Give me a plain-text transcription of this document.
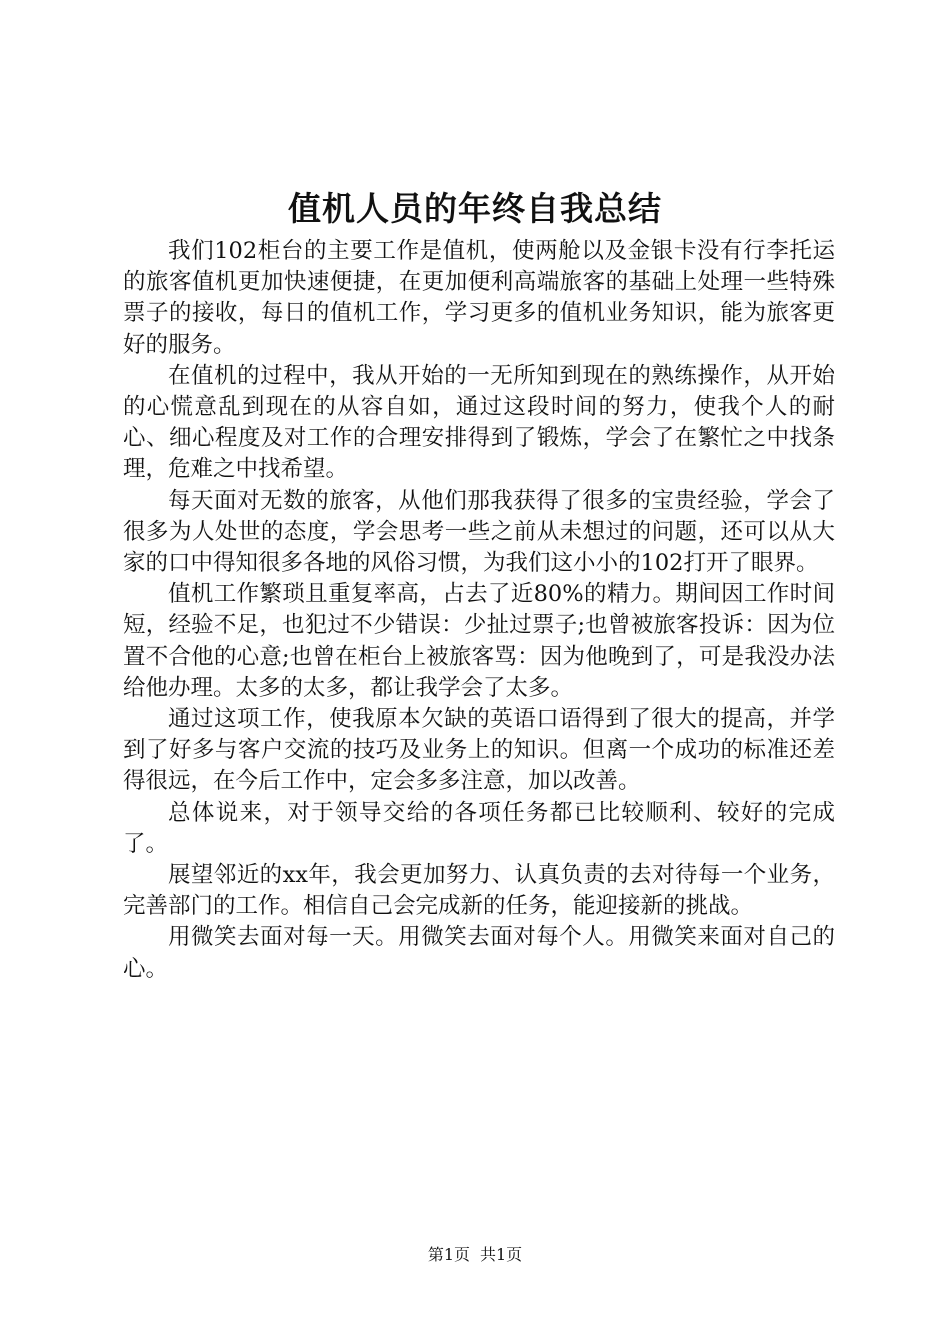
值机人员的年终自我总结

我们102柜台的主要工作是值机，使两舱以及金银卡没有行李托运的旅客值机更加快速便捷，在更加便利高端旅客的基础上处理一些特殊票子的接收，每日的值机工作，学习更多的值机业务知识，能为旅客更好的服务。

在值机的过程中，我从开始的一无所知到现在的熟练操作，从开始的心慌意乱到现在的从容自如，通过这段时间的努力，使我个人的耐心、细心程度及对工作的合理安排得到了锻炼，学会了在繁忙之中找条理，危难之中找希望。

每天面对无数的旅客，从他们那我获得了很多的宝贵经验，学会了很多为人处世的态度，学会思考一些之前从未想过的问题，还可以从大家的口中得知很多各地的风俗习惯，为我们这小小的102打开了眼界。

值机工作繁琐且重复率高，占去了近80%的精力。期间因工作时间短，经验不足，也犯过不少错误：少扯过票子;也曾被旅客投诉：因为位置不合他的心意;也曾在柜台上被旅客骂：因为他晚到了，可是我没办法给他办理。太多的太多，都让我学会了太多。

通过这项工作，使我原本欠缺的英语口语得到了很大的提高，并学到了好多与客户交流的技巧及业务上的知识。但离一个成功的标准还差得很远，在今后工作中，定会多多注意，加以改善。

总体说来，对于领导交给的各项任务都已比较顺利、较好的完成了。

展望邻近的xx年，我会更加努力、认真负责的去对待每一个业务，完善部门的工作。相信自己会完成新的任务，能迎接新的挑战。

用微笑去面对每一天。用微笑去面对每个人。用微笑来面对自己的心。

第1页 共1页
